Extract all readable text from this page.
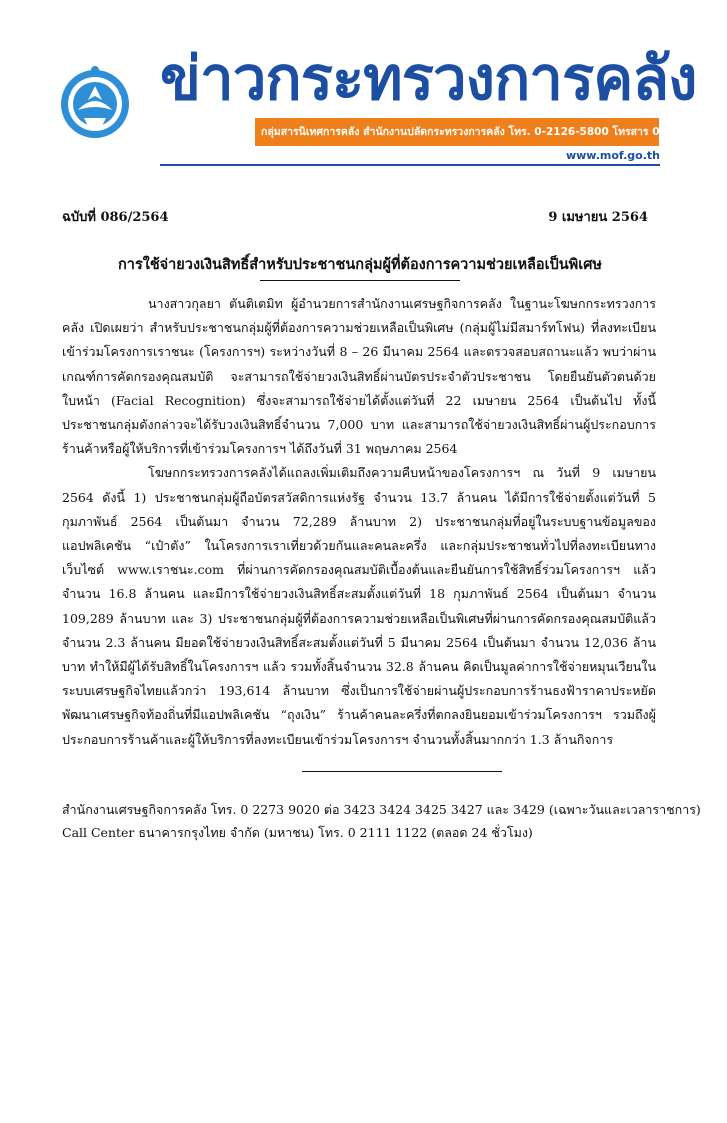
ข่าวกระทรวงการคลัง
กลุ่มสารนิเทศการคลัง สำนักงานปลัดกระทรวงการคลัง โทร. 0-2126-5800 โทรสาร 0-2273-9763
www.mof.go.th
ฉบับที่ 086/2564	9 เมษายน 2564
การใช้จ่ายวงเงินสิทธิ์สำหรับประชาชนกลุ่มผู้ที่ต้องการความช่วยเหลือเป็นพิเศษ

นางสาวกุลยา ตันติเตมิท ผู้อำนวยการสำนักงานเศรษฐกิจการคลัง ในฐานะโฆษกกระทรวงการคลัง เปิดเผยว่า สำหรับประชาชนกลุ่มผู้ที่ต้องการความช่วยเหลือเป็นพิเศษ (กลุ่มผู้ไม่มีสมาร์ทโฟน) ที่ลงทะเบียนเข้าร่วมโครงการเราชนะ (โครงการฯ) ระหว่างวันที่ 8 – 26 มีนาคม 2564 และตรวจสอบสถานะแล้ว พบว่าผ่านเกณฑ์การคัดกรองคุณสมบัติ จะสามารถใช้จ่ายวงเงินสิทธิ์ผ่านบัตรประจำตัวประชาชน โดยยืนยันตัวตนด้วยใบหน้า (Facial Recognition) ซึ่งจะสามารถใช้จ่ายได้ตั้งแต่วันที่ 22 เมษายน 2564 เป็นต้นไป ทั้งนี้ ประชาชนกลุ่มดังกล่าวจะได้รับวงเงินสิทธิ์จำนวน 7,000 บาท และสามารถใช้จ่ายวงเงินสิทธิ์ผ่านผู้ประกอบการร้านค้าหรือผู้ให้บริการที่เข้าร่วมโครงการฯ ได้ถึงวันที่ 31 พฤษภาคม 2564

โฆษกกระทรวงการคลังได้แถลงเพิ่มเติมถึงความคืบหน้าของโครงการฯ ณ วันที่ 9 เมษายน 2564 ดังนี้ 1) ประชาชนกลุ่มผู้ถือบัตรสวัสดิการแห่งรัฐ จำนวน 13.7 ล้านคน ได้มีการใช้จ่ายตั้งแต่วันที่ 5 กุมภาพันธ์ 2564 เป็นต้นมา จำนวน 72,289 ล้านบาท 2) ประชาชนกลุ่มที่อยู่ในระบบฐานข้อมูลของแอปพลิเคชัน “เป๋าตัง” ในโครงการเราเที่ยวด้วยกันและคนละครึ่ง และกลุ่มประชาชนทั่วไปที่ลงทะเบียนทางเว็บไซต์ www.เราชนะ.com ที่ผ่านการคัดกรองคุณสมบัติเบื้องต้นและยืนยันการใช้สิทธิ์ร่วมโครงการฯ แล้ว จำนวน 16.8 ล้านคน และมีการใช้จ่ายวงเงินสิทธิ์สะสมตั้งแต่วันที่ 18 กุมภาพันธ์ 2564 เป็นต้นมา จำนวน 109,289 ล้านบาท และ 3) ประชาชนกลุ่มผู้ที่ต้องการความช่วยเหลือเป็นพิเศษที่ผ่านการคัดกรองคุณสมบัติแล้ว จำนวน 2.3 ล้านคน มียอดใช้จ่ายวงเงินสิทธิ์สะสมตั้งแต่วันที่ 5 มีนาคม 2564 เป็นต้นมา จำนวน 12,036 ล้านบาท ทำให้มีผู้ได้รับสิทธิ์ในโครงการฯ แล้ว รวมทั้งสิ้นจำนวน 32.8 ล้านคน คิดเป็นมูลค่าการใช้จ่ายหมุนเวียนในระบบเศรษฐกิจไทยแล้วกว่า 193,614 ล้านบาท ซึ่งเป็นการใช้จ่ายผ่านผู้ประกอบการร้านธงฟ้าราคาประหยัดพัฒนาเศรษฐกิจท้องถิ่นที่มีแอปพลิเคชัน “ถุงเงิน” ร้านค้าคนละครึ่งที่ตกลงยินยอมเข้าร่วมโครงการฯ รวมถึงผู้ประกอบการร้านค้าและผู้ให้บริการที่ลงทะเบียนเข้าร่วมโครงการฯ จำนวนทั้งสิ้นมากกว่า 1.3 ล้านกิจการ

สำนักงานเศรษฐกิจการคลัง โทร. 0 2273 9020 ต่อ 3423 3424 3425 3427 และ 3429 (เฉพาะวันและเวลาราชการ)
Call Center ธนาคารกรุงไทย จำกัด (มหาชน) โทร. 0 2111 1122 (ตลอด 24 ชั่วโมง)
